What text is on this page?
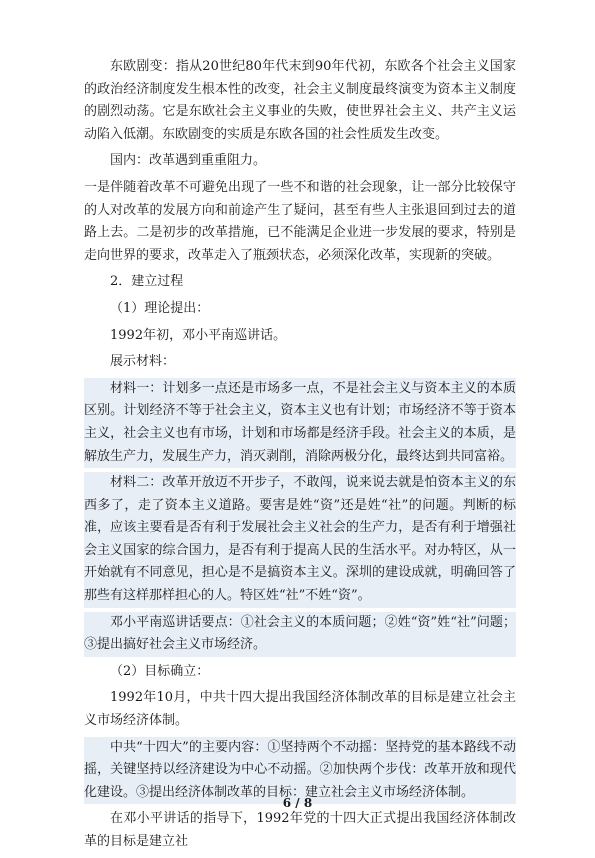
东欧剧变：指从20世纪80年代末到90年代初，东欧各个社会主义国家的政治经济制度发生根本性的改变，社会主义制度最终演变为资本主义制度的剧烈动荡。它是东欧社会主义事业的失败，使世界社会主义、共产主义运动陷入低潮。东欧剧变的实质是东欧各国的社会性质发生改变。

国内：改革遇到重重阻力。

一是伴随着改革不可避免出现了一些不和谐的社会现象，让一部分比较保守的人对改革的发展方向和前途产生了疑问，甚至有些人主张退回到过去的道路上去。二是初步的改革措施，已不能满足企业进一步发展的要求，特别是走向世界的要求，改革走入了瓶颈状态，必须深化改革，实现新的突破。

2．建立过程

（1）理论提出：

1992年初，邓小平南巡讲话。

展示材料：

材料一：计划多一点还是市场多一点，不是社会主义与资本主义的本质区别。计划经济不等于社会主义，资本主义也有计划；市场经济不等于资本主义，社会主义也有市场，计划和市场都是经济手段。社会主义的本质，是解放生产力，发展生产力，消灭剥削，消除两极分化，最终达到共同富裕。

材料二：改革开放迈不开步子，不敢闯，说来说去就是怕资本主义的东西多了，走了资本主义道路。要害是姓“资”还是姓“社”的问题。判断的标准，应该主要看是否有利于发展社会主义社会的生产力，是否有利于增强社会主义国家的综合国力，是否有利于提高人民的生活水平。对办特区，从一开始就有不同意见，担心是不是搞资本主义。深圳的建设成就，明确回答了那些有这样那样担心的人。特区姓“社”不姓“资”。

邓小平南巡讲话要点：①社会主义的本质问题；②姓“资”姓“社”问题；③提出搞好社会主义市场经济。

（2）目标确立：

1992年10月，中共十四大提出我国经济体制改革的目标是建立社会主义市场经济体制。

中共“十四大”的主要内容：①坚持两个不动摇：坚持党的基本路线不动摇，关键坚持以经济建设为中心不动摇。②加快两个步伐：改革开放和现代化建设。③提出经济体制改革的目标：建立社会主义市场经济体制。

在邓小平讲话的指导下，1992年党的十四大正式提出我国经济体制改革的目标是建立社

6 / 8
